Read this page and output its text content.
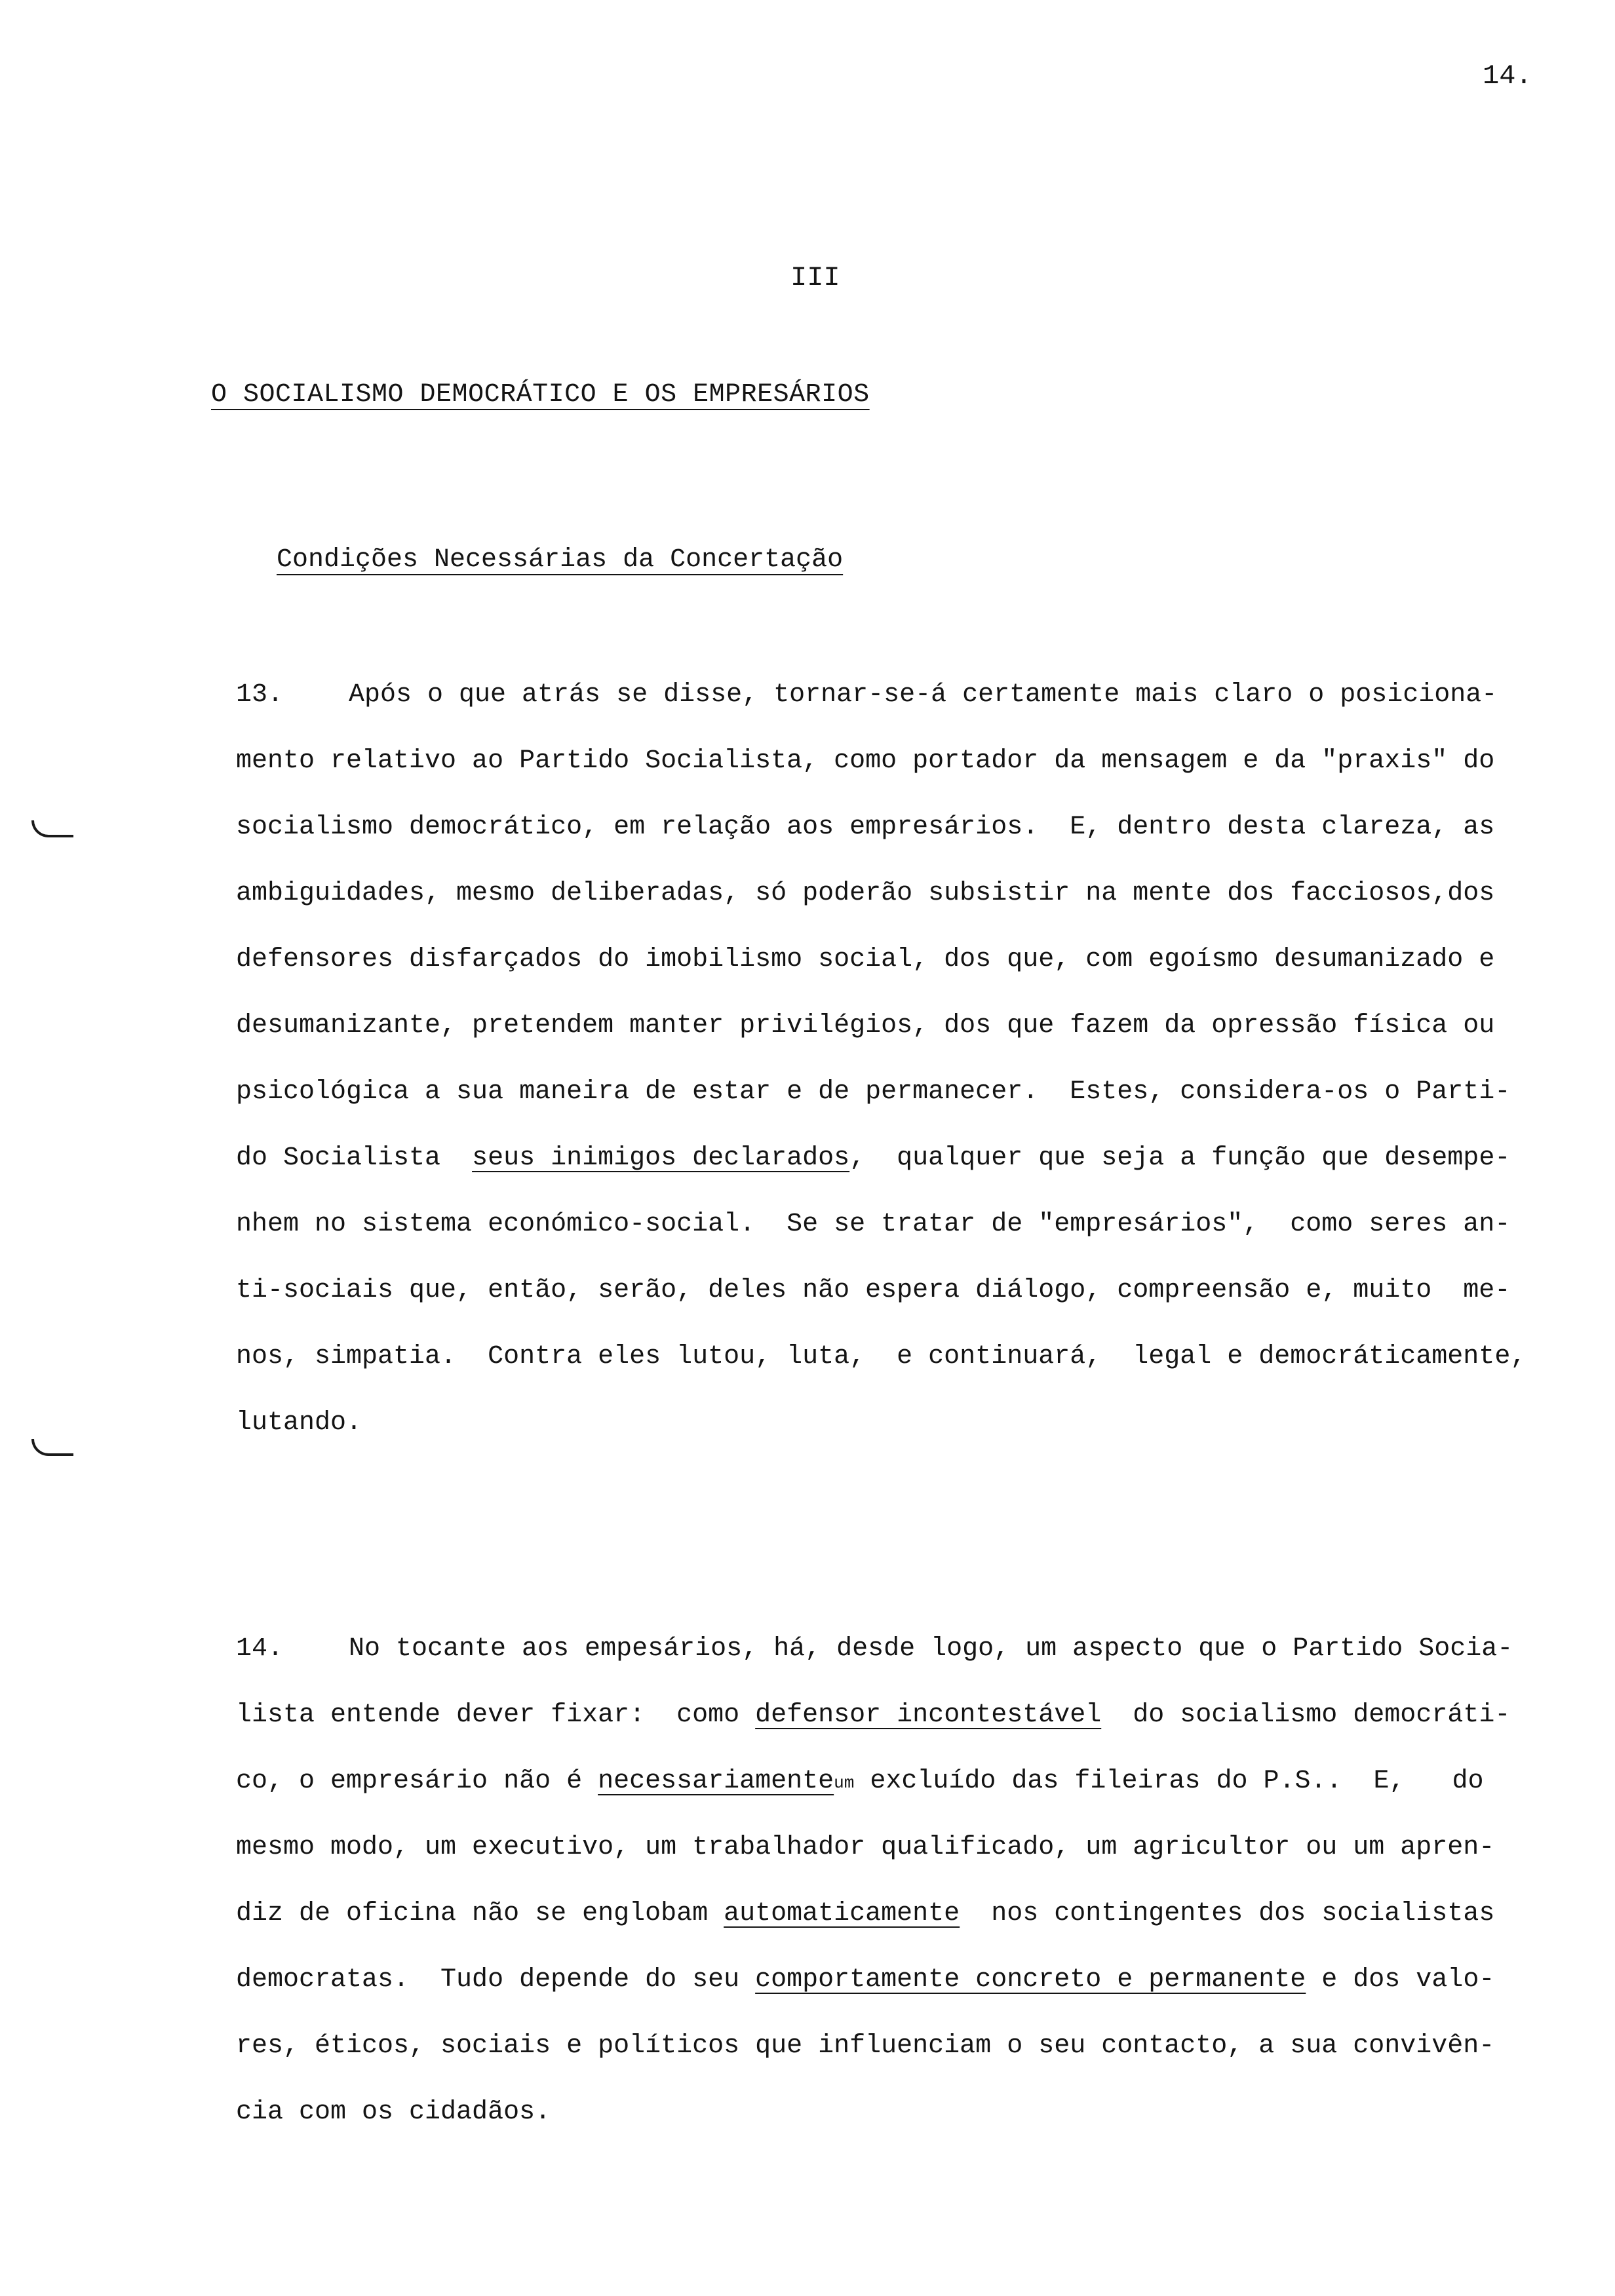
14.
III
O SOCIALISMO DEMOCRÁTICO E OS EMPRESÁRIOS
Condições Necessárias da Concertação
13. Após o que atrás se disse, tornar-se-á certamente mais claro o posiciona-
mento relativo ao Partido Socialista, como portador da mensagem e da "praxis" do
socialismo democrático, em relação aos empresários.  E, dentro desta clareza, as
ambiguidades, mesmo deliberadas, só poderão subsistir na mente dos facciosos,dos
defensores disfarçados do imobilismo social, dos que, com egoísmo desumanizado e
desumanizante, pretendem manter privilégios, dos que fazem da opressão física ou
psicológica a sua maneira de estar e de permanecer.  Estes, considera-os o Parti-
do Socialista  seus inimigos declarados,  qualquer que seja a função que desempe-
nhem no sistema económico-social.  Se se tratar de "empresários",  como seres an-
ti-sociais que, então, serão, deles não espera diálogo, compreensão e, muito  me-
nos, simpatia.  Contra eles lutou, luta,  e continuará,  legal e democráticamente,
lutando.
14. No tocante aos empesários, há, desde logo, um aspecto que o Partido Socia-
lista entende dever fixar:  como defensor incontestável  do socialismo democráti-
co, o empresário não é necessariamenteum excluído das fileiras do P.S..  E,   do
mesmo modo, um executivo, um trabalhador qualificado, um agricultor ou um apren-
diz de oficina não se englobam automaticamente  nos contingentes dos socialistas
democratas.  Tudo depende do seu comportamente concreto e permanente e dos valo-
res, éticos, sociais e políticos que influenciam o seu contacto, a sua convivên-
cia com os cidadãos.
